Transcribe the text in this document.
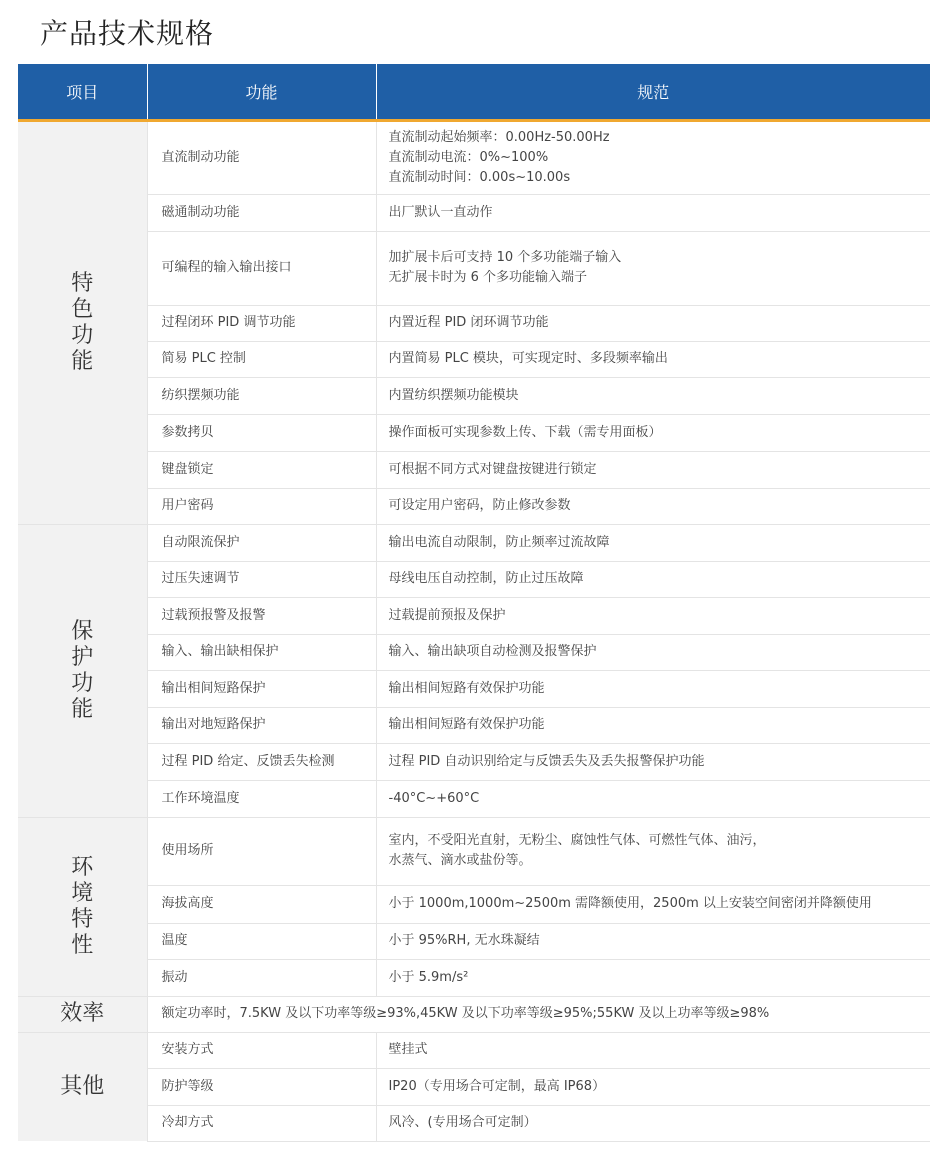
产品技术规格
项目	功能	规范
特色功能	直流制动功能	直流制动起始频率：0.00Hz-50.00Hz
直流制动电流：0%~100%
直流制动时间：0.00s~10.00s

	磁通制动功能	出厂默认一直动作

	可编程的输入输出接口	加扩展卡后可支持 10 个多功能端子输入
无扩展卡时为 6 个多功能输入端子

	过程闭环 PID 调节功能	内置近程 PID 闭环调节功能

	简易 PLC 控制	内置简易 PLC 模块，可实现定时、多段频率输出

	纺织摆频功能	内置纺织摆频功能模块

	参数拷贝	操作面板可实现参数上传、下载（需专用面板）

	键盘锁定	可根据不同方式对键盘按键进行锁定

	用户密码	可设定用户密码，防止修改参数

保护功能	自动限流保护	输出电流自动限制，防止频率过流故障

	过压失速调节	母线电压自动控制，防止过压故障

	过载预报警及报警	过载提前预报及保护

	输入、输出缺相保护	输入、输出缺项自动检测及报警保护

	输出相间短路保护	输出相间短路有效保护功能

	输出对地短路保护	输出相间短路有效保护功能

	过程 PID 给定、反馈丢失检测	过程 PID 自动识别给定与反馈丢失及丢失报警保护功能

	工作环境温度	-40°C~+60°C

环境特性	使用场所	室内，不受阳光直射，无粉尘、腐蚀性气体、可燃性气体、油污，
水蒸气、滴水或盐份等。

	海拔高度	小于 1000m,1000m~2500m 需降额使用，2500m 以上安装空间密闭并降额使用

	温度	小于 95%RH, 无水珠凝结

	振动	小于 5.9m/s²

效率	额定功率时，7.5KW 及以下功率等级≥93%,45KW 及以下功率等级≥95%;55KW 及以上功率等级≥98%	
其他	安装方式	壁挂式

	防护等级	IP20（专用场合可定制，最高 IP68）

	冷却方式	风冷、(专用场合可定制）
